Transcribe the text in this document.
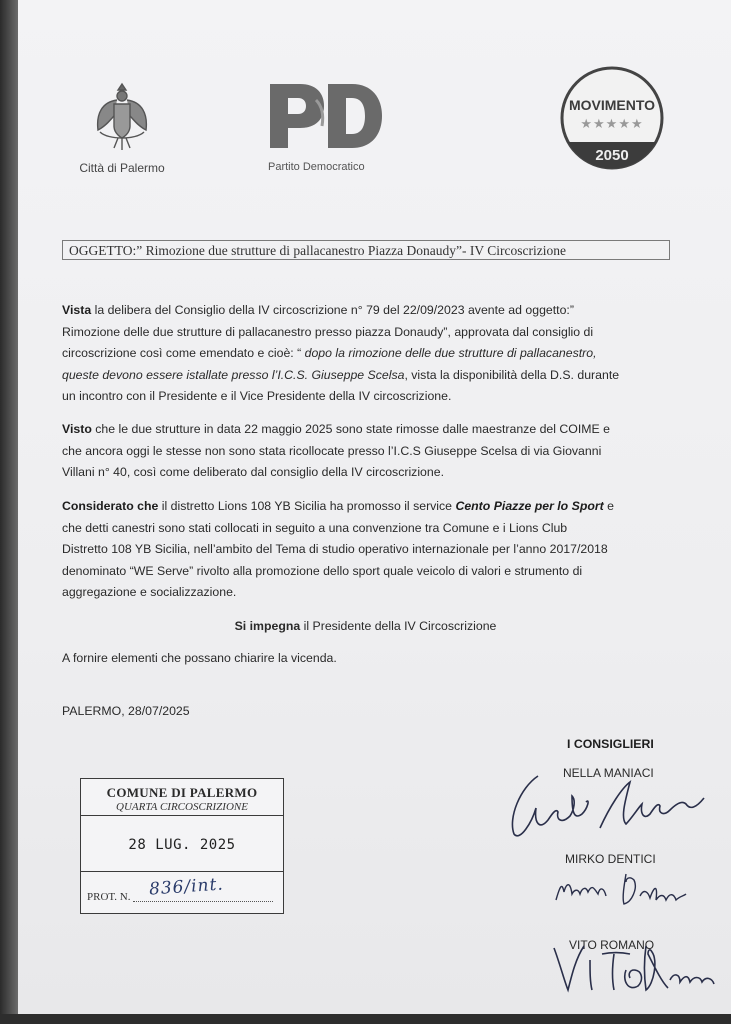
Città di Palermo	Partito Democratico
MOVIMENTO
★★★★★
2050
OGGETTO:” Rimozione due strutture di pallacanestro Piazza Donaudy”- IV Circoscrizione
Vista la delibera del Consiglio della IV circoscrizione n° 79 del 22/09/2023 avente ad oggetto:”
Rimozione delle due strutture di pallacanestro presso piazza Donaudy”, approvata dal consiglio di
circoscrizione così come emendato e cioè: “ dopo la rimozione delle due strutture di pallacanestro,
queste devono essere istallate presso l’I.C.S. Giuseppe Scelsa, vista la disponibilità della D.S. durante
un incontro con il Presidente e il Vice Presidente della IV circoscrizione.
Visto che le due strutture in data 22 maggio 2025 sono state rimosse dalle maestranze del COIME e
che ancora oggi le stesse non sono stata ricollocate presso l’I.C.S Giuseppe Scelsa di via Giovanni
Villani n° 40, così come deliberato dal consiglio della IV circoscrizione.
Considerato che il distretto Lions 108 YB Sicilia ha promosso il service Cento Piazze per lo Sport e
che detti canestri sono stati collocati in seguito a una convenzione tra Comune e i Lions Club
Distretto 108 YB Sicilia, nell’ambito del Tema di studio operativo internazionale per l’anno 2017/2018
denominato “WE Serve” rivolto alla promozione dello sport quale veicolo di valori e strumento di
aggregazione e socializzazione.
Si impegna il Presidente della IV Circoscrizione
A fornire elementi che possano chiarire la vicenda.
PALERMO, 28/07/2025
COMUNE DI PALERMO
QUARTA CIRCOSCRIZIONE
28 LUG. 2025
PROT. N. 836/int.
I CONSIGLIERI
NELLA MANIACI
MIRKO DENTICI
VITO ROMANO
